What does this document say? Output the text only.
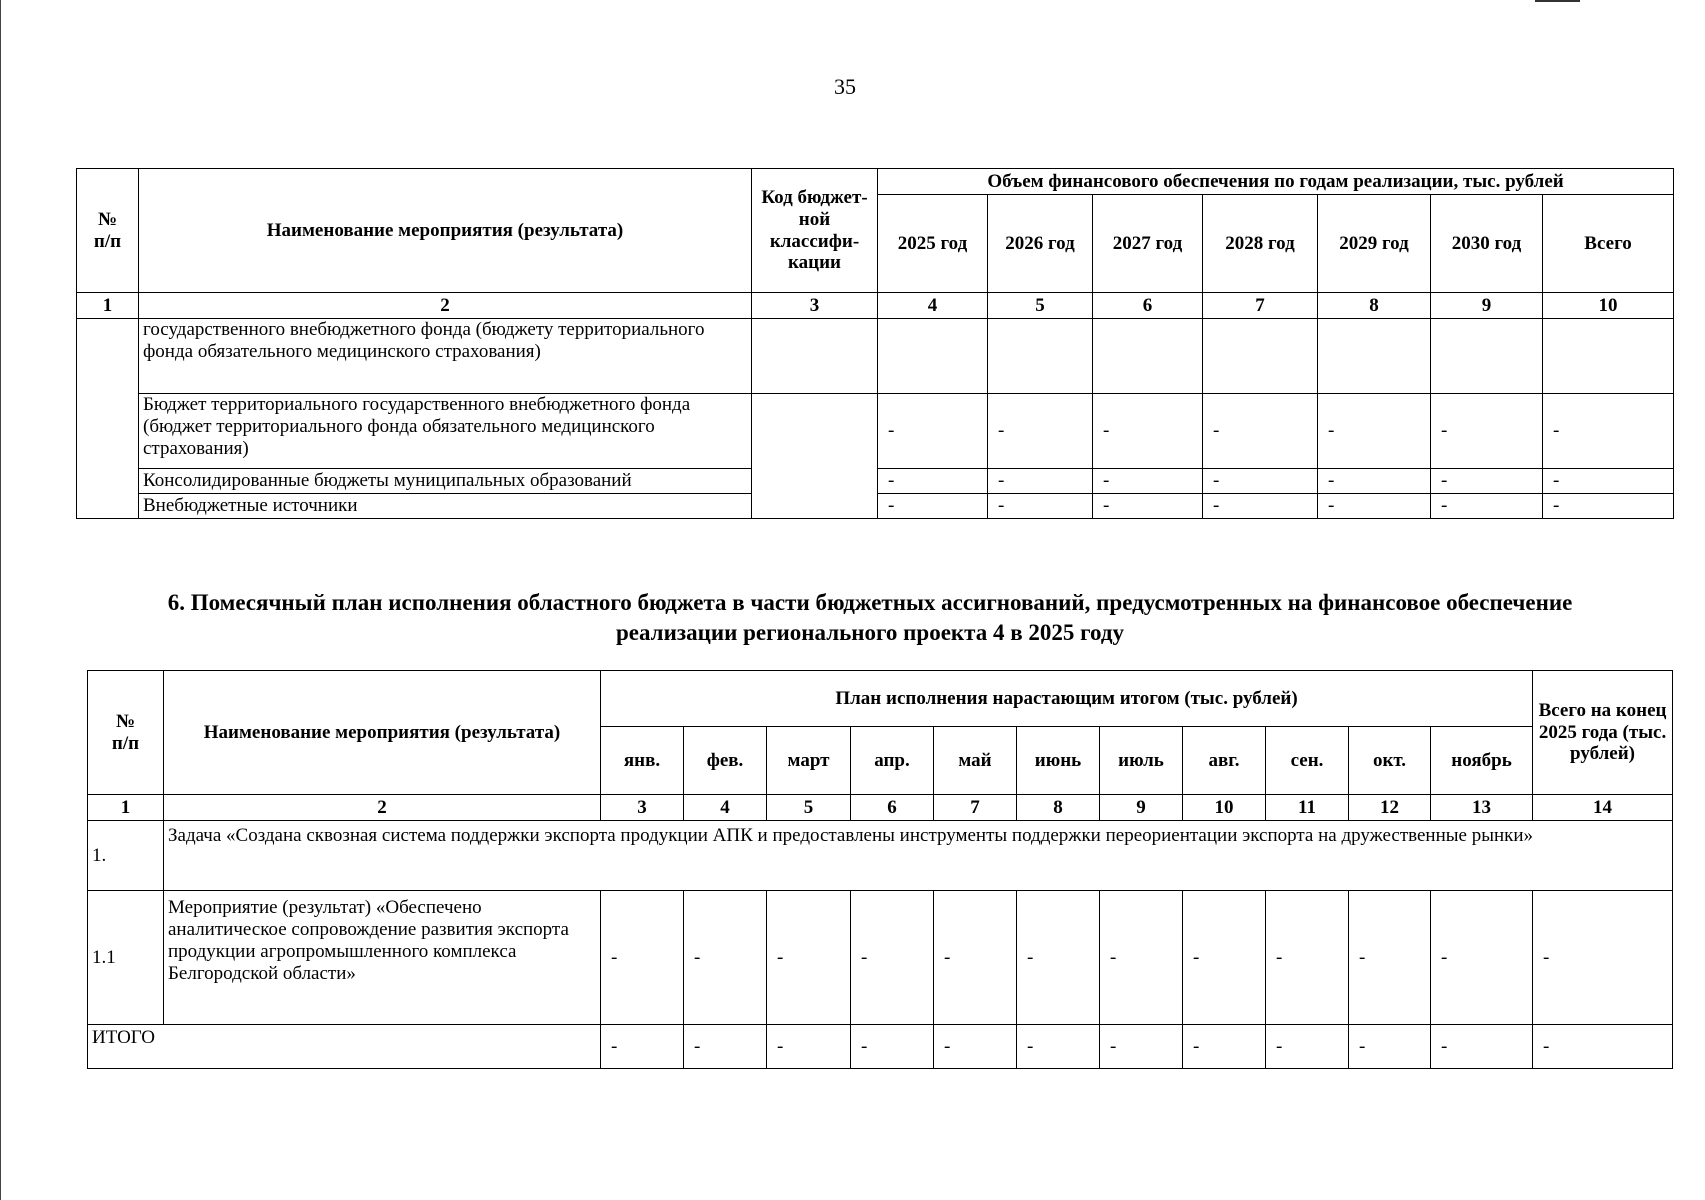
35
№
п/п	Наименование мероприятия (результата)	Код бюджет-ной классифи-кации	Объем финансового обеспечения по годам реализации, тыс. рублей						
			2025 год	2026 год	2027 год	2028 год	2029 год	2030 год	Всего
1	2	3	4	5	6	7	8	9	10
	государственного внебюджетного фонда (бюджету территориального фонда обязательного медицинского страхования)								
	Бюджет территориального государственного внебюджетного фонда (бюджет территориального фонда обязательного медицинского страхования)		-	-	-	-	-	-	-
	Консолидированные бюджеты муниципальных образований		-	-	-	-	-	-	-
	Внебюджетные источники		-	-	-	-	-	-	-
6. Помесячный план исполнения областного бюджета в части бюджетных ассигнований, предусмотренных на финансовое обеспечение
реализации регионального проекта 4 в 2025 году
№
п/п	Наименование мероприятия (результата)	План исполнения нарастающим итогом (тыс. рублей)											Всего на конец 2025 года (тыс. рублей)
		янв.	фев.	март	апр.	май	июнь	июль	авг.	сен.	окт.	ноябрь	
1	2	3	4	5	6	7	8	9	10	11	12	13	14
1.	Задача «Создана сквозная система поддержки экспорта продукции АПК и предоставлены инструменты поддержки переориентации экспорта на дружественные рынки»												
1.1	Мероприятие (результат) «Обеспечено аналитическое сопровождение развития экспорта продукции агропромышленного комплекса Белгородской области»	-	-	-	-	-	-	-	-	-	-	-	-
ИТОГО		-	-	-	-	-	-	-	-	-	-	-	-
